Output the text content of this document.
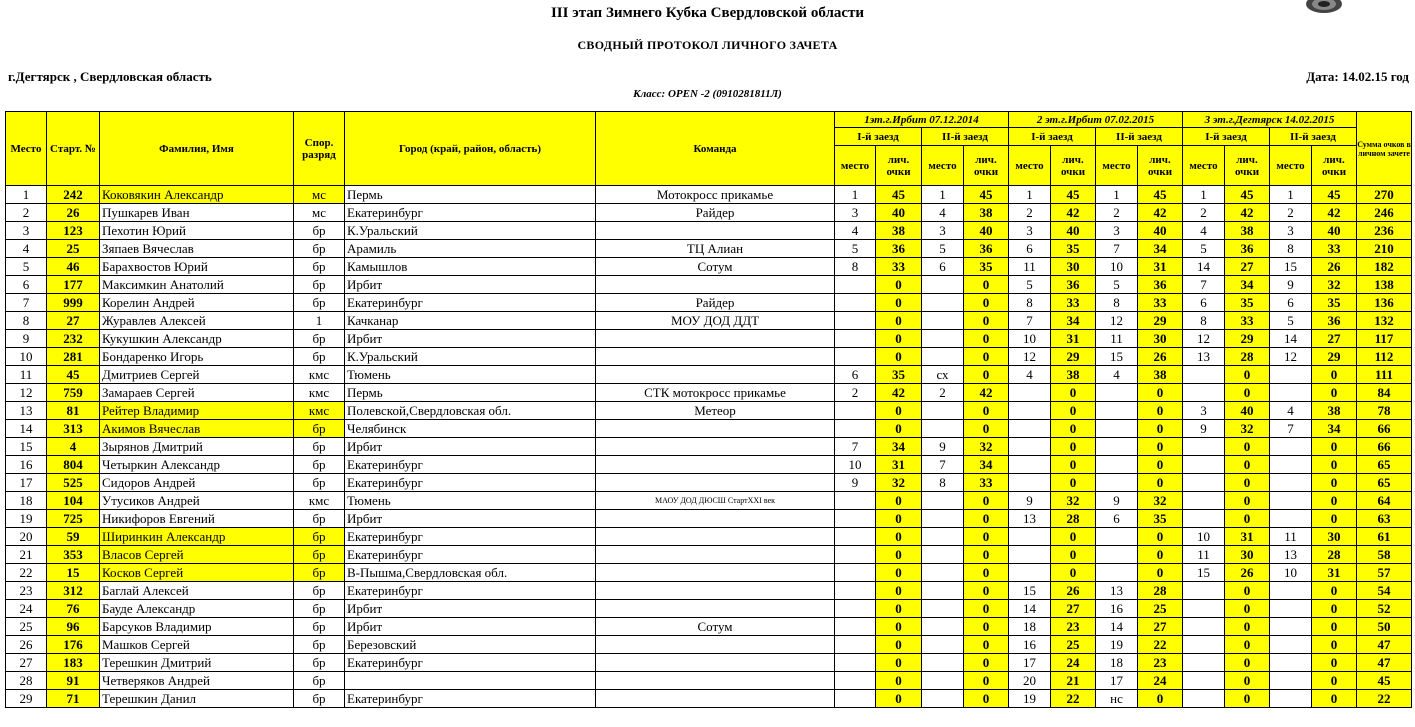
III этап Зимнего Кубка Свердловской области
СВОДНЫЙ ПРОТОКОЛ ЛИЧНОГО ЗАЧЕТА
г.Дегтярск , Свердловская область	Дата: 14.02.15 год
Класс: OPEN -2 (0910281811Л)
Место	Старт. №	Фамилия, Имя	Спор. разряд	Город (край, район, область)	Команда	1эт.г.Ирбит 07.12.2014				2 эт.г.Ирбит 07.02.2015				3 эт.г.Дегтярск 14.02.2015				Сумма очков в личном зачете
						I-й заезд		II-й заезд		I-й заезд		II-й заезд		I-й заезд		II-й заезд		
						место	лич. очки	место	лич. очки	место	лич. очки	место	лич. очки	место	лич. очки	место	лич. очки	
1	242	Коковякин Александр	мс	Пермь	Мотокросс прикамье	1	45	1	45	1	45	1	45	1	45	1	45	270
2	26	Пушкарев Иван	мс	Екатеринбург	Райдер	3	40	4	38	2	42	2	42	2	42	2	42	246
3	123	Пехотин Юрий	бр	К.Уральский		4	38	3	40	3	40	3	40	4	38	3	40	236
4	25	Зяпаев Вячеслав	бр	Арамиль	ТЦ Алиан	5	36	5	36	6	35	7	34	5	36	8	33	210
5	46	Барахвостов Юрий	бр	Камышлов	Сотум	8	33	6	35	11	30	10	31	14	27	15	26	182
6	177	Максимкин Анатолий	бр	Ирбит			0		0	5	36	5	36	7	34	9	32	138
7	999	Корелин Андрей	бр	Екатеринбург	Райдер		0		0	8	33	8	33	6	35	6	35	136
8	27	Журавлев Алексей	1	Качканар	МОУ ДОД ДДТ		0		0	7	34	12	29	8	33	5	36	132
9	232	Кукушкин Александр	бр	Ирбит			0		0	10	31	11	30	12	29	14	27	117
10	281	Бондаренко Игорь	бр	К.Уральский			0		0	12	29	15	26	13	28	12	29	112
11	45	Дмитриев Сергей	кмс	Тюмень		6	35	сх	0	4	38	4	38		0		0	111
12	759	Замараев Сергей	кмс	Пермь	СТК мотокросс прикамье	2	42	2	42		0		0		0		0	84
13	81	Рейтер Владимир	кмс	Полевской,Свердловская обл.	Метеор		0		0		0		0	3	40	4	38	78
14	313	Акимов Вячеслав	бр	Челябинск			0		0		0		0	9	32	7	34	66
15	4	Зырянов Дмитрий	бр	Ирбит		7	34	9	32		0		0		0		0	66
16	804	Четыркин Александр	бр	Екатеринбург		10	31	7	34		0		0		0		0	65
17	525	Сидоров Андрей	бр	Екатеринбург		9	32	8	33		0		0		0		0	65
18	104	Утусиков Андрей	кмс	Тюмень	МАОУ ДОД ДЮСШ СтартXXI век		0		0	9	32	9	32		0		0	64
19	725	Никифоров Евгений	бр	Ирбит			0		0	13	28	6	35		0		0	63
20	59	Ширинкин Александр	бр	Екатеринбург			0		0		0		0	10	31	11	30	61
21	353	Власов Сергей	бр	Екатеринбург			0		0		0		0	11	30	13	28	58
22	15	Косков Сергей	бр	В-Пышма,Свердловская обл.			0		0		0		0	15	26	10	31	57
23	312	Баглай Алексей	бр	Екатеринбург			0		0	15	26	13	28		0		0	54
24	76	Бауде Александр	бр	Ирбит			0		0	14	27	16	25		0		0	52
25	96	Барсуков Владимир	бр	Ирбит	Сотум		0		0	18	23	14	27		0		0	50
26	176	Машков Сергей	бр	Березовский			0		0	16	25	19	22		0		0	47
27	183	Терешкин Дмитрий	бр	Екатеринбург			0		0	17	24	18	23		0		0	47
28	91	Четверяков Андрей	бр				0		0	20	21	17	24		0		0	45
29	71	Терешкин Данил	бр	Екатеринбург			0		0	19	22	нс	0		0		0	22
